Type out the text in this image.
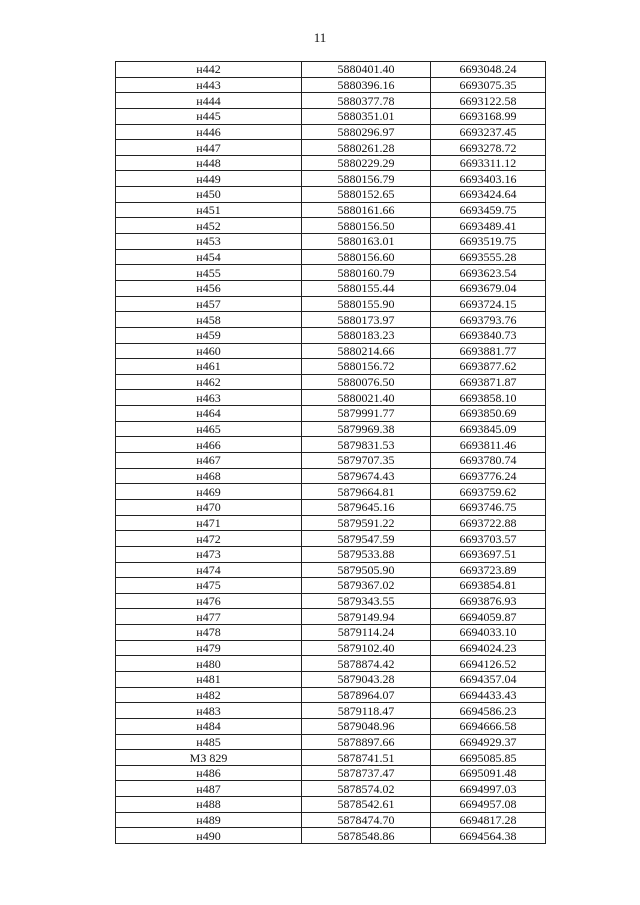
11
н442	5880401.40	6693048.24
н443	5880396.16	6693075.35
н444	5880377.78	6693122.58
н445	5880351.01	6693168.99
н446	5880296.97	6693237.45
н447	5880261.28	6693278.72
н448	5880229.29	6693311.12
н449	5880156.79	6693403.16
н450	5880152.65	6693424.64
н451	5880161.66	6693459.75
н452	5880156.50	6693489.41
н453	5880163.01	6693519.75
н454	5880156.60	6693555.28
н455	5880160.79	6693623.54
н456	5880155.44	6693679.04
н457	5880155.90	6693724.15
н458	5880173.97	6693793.76
н459	5880183.23	6693840.73
н460	5880214.66	6693881.77
н461	5880156.72	6693877.62
н462	5880076.50	6693871.87
н463	5880021.40	6693858.10
н464	5879991.77	6693850.69
н465	5879969.38	6693845.09
н466	5879831.53	6693811.46
н467	5879707.35	6693780.74
н468	5879674.43	6693776.24
н469	5879664.81	6693759.62
н470	5879645.16	6693746.75
н471	5879591.22	6693722.88
н472	5879547.59	6693703.57
н473	5879533.88	6693697.51
н474	5879505.90	6693723.89
н475	5879367.02	6693854.81
н476	5879343.55	6693876.93
н477	5879149.94	6694059.87
н478	5879114.24	6694033.10
н479	5879102.40	6694024.23
н480	5878874.42	6694126.52
н481	5879043.28	6694357.04
н482	5878964.07	6694433.43
н483	5879118.47	6694586.23
н484	5879048.96	6694666.58
н485	5878897.66	6694929.37
МЗ 829	5878741.51	6695085.85
н486	5878737.47	6695091.48
н487	5878574.02	6694997.03
н488	5878542.61	6694957.08
н489	5878474.70	6694817.28
н490	5878548.86	6694564.38
